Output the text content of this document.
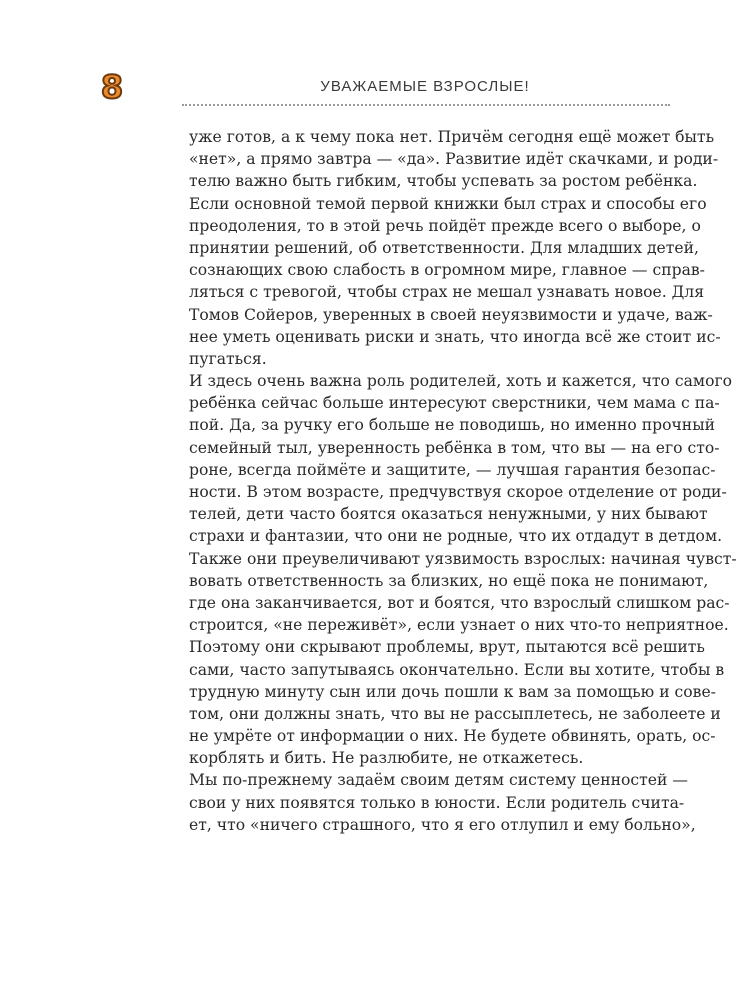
8	УВАЖАЕМЫЕ ВЗРОСЛЫЕ!
уже готов, а к чему пока нет. Причём сегодня ещё может быть
«нет», а прямо завтра — «да». Развитие идёт скачками, и роди-
телю важно быть гибким, чтобы успевать за ростом ребёнка.
Если основной темой первой книжки был страх и способы его
преодоления, то в этой речь пойдёт прежде всего о выборе, о
принятии решений, об ответственности. Для младших детей,
сознающих свою слабость в огромном мире, главное — справ-
ляться с тревогой, чтобы страх не мешал узнавать новое. Для
Томов Сойеров, уверенных в своей неуязвимости и удаче, важ-
нее уметь оценивать риски и знать, что иногда всё же стоит ис-
пугаться.
И здесь очень важна роль родителей, хоть и кажется, что самого
ребёнка сейчас больше интересуют сверстники, чем мама с па-
пой. Да, за ручку его больше не поводишь, но именно прочный
семейный тыл, уверенность ребёнка в том, что вы — на его сто-
роне, всегда поймёте и защитите, — лучшая гарантия безопас-
ности. В этом возрасте, предчувствуя скорое отделение от роди-
телей, дети часто боятся оказаться ненужными, у них бывают
страхи и фантазии, что они не родные, что их отдадут в детдом.
Также они преувеличивают уязвимость взрослых: начиная чувст-
вовать ответственность за близких, но ещё пока не понимают,
где она заканчивается, вот и боятся, что взрослый слишком рас-
строится, «не переживёт», если узнает о них что-то неприятное.
Поэтому они скрывают проблемы, врут, пытаются всё решить
сами, часто запутываясь окончательно. Если вы хотите, чтобы в
трудную минуту сын или дочь пошли к вам за помощью и сове-
том, они должны знать, что вы не рассыплетесь, не заболеете и
не умрёте от информации о них. Не будете обвинять, орать, ос-
корблять и бить. Не разлюбите, не откажетесь.
Мы по-прежнему задаём своим детям систему ценностей —
свои у них появятся только в юности. Если родитель счита-
ет, что «ничего страшного, что я его отлупил и ему больно»,
